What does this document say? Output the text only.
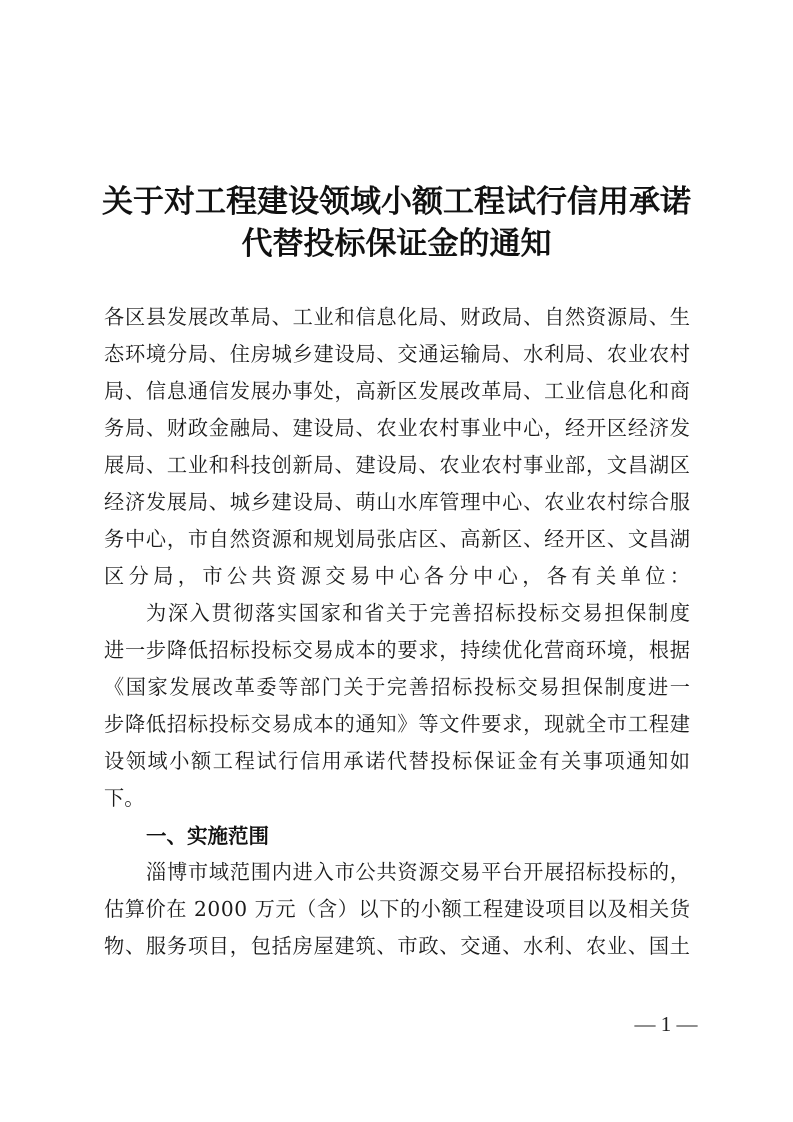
关于对工程建设领域小额工程试行信用承诺
代替投标保证金的通知
各区县发展改革局、工业和信息化局、财政局、自然资源局、生
态环境分局、住房城乡建设局、交通运输局、水利局、农业农村
局、信息通信发展办事处，高新区发展改革局、工业信息化和商
务局、财政金融局、建设局、农业农村事业中心，经开区经济发
展局、工业和科技创新局、建设局、农业农村事业部，文昌湖区
经济发展局、城乡建设局、萌山水库管理中心、农业农村综合服
务中心，市自然资源和规划局张店区、高新区、经开区、文昌湖
区分局，市公共资源交易中心各分中心，各有关单位：
为深入贯彻落实国家和省关于完善招标投标交易担保制度
进一步降低招标投标交易成本的要求，持续优化营商环境，根据
《国家发展改革委等部门关于完善招标投标交易担保制度进一
步降低招标投标交易成本的通知》等文件要求，现就全市工程建
设领域小额工程试行信用承诺代替投标保证金有关事项通知如
下。
一、实施范围
淄博市域范围内进入市公共资源交易平台开展招标投标的，
估算价在 2000 万元（含）以下的小额工程建设项目以及相关货
物、服务项目，包括房屋建筑、市政、交通、水利、农业、国土
— 1 —
